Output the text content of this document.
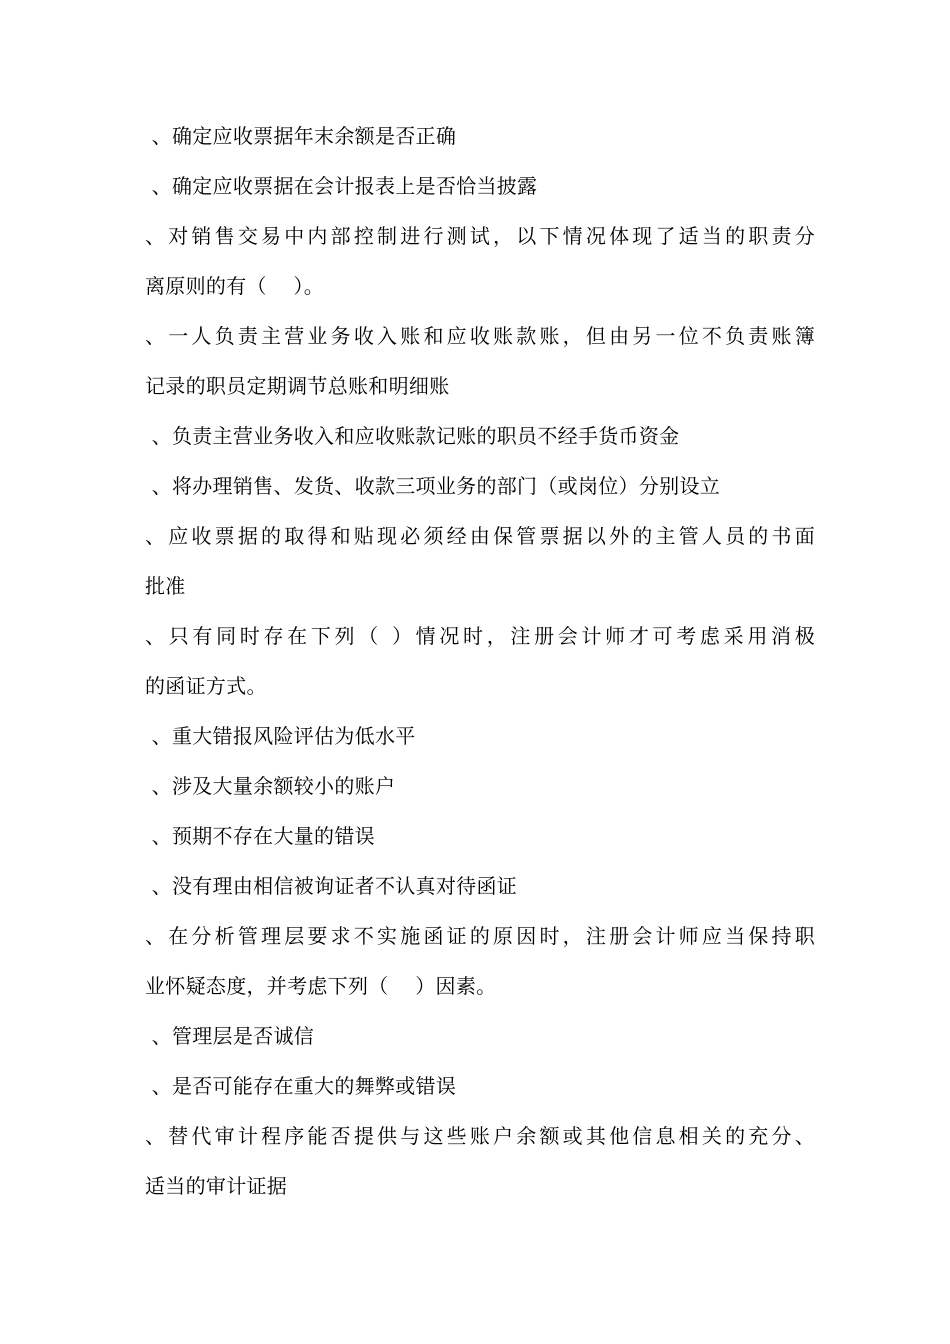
、确定应收票据年末余额是否正确
、确定应收票据在会计报表上是否恰当披露
、对销售交易中内部控制进行测试，以下情况体现了适当的职责分
离原则的有（    ）。
、一人负责主营业务收入账和应收账款账，但由另一位不负责账簿
记录的职员定期调节总账和明细账
、负责主营业务收入和应收账款记账的职员不经手货币资金
、将办理销售、发货、收款三项业务的部门（或岗位）分别设立
、应收票据的取得和贴现必须经由保管票据以外的主管人员的书面
批准
、只有同时存在下列（ ）情况时，注册会计师才可考虑采用消极
的函证方式。
、重大错报风险评估为低水平
、涉及大量余额较小的账户
、预期不存在大量的错误
、没有理由相信被询证者不认真对待函证
、在分析管理层要求不实施函证的原因时，注册会计师应当保持职
业怀疑态度，并考虑下列（    ）因素。
、管理层是否诚信
、是否可能存在重大的舞弊或错误
、替代审计程序能否提供与这些账户余额或其他信息相关的充分、
适当的审计证据
